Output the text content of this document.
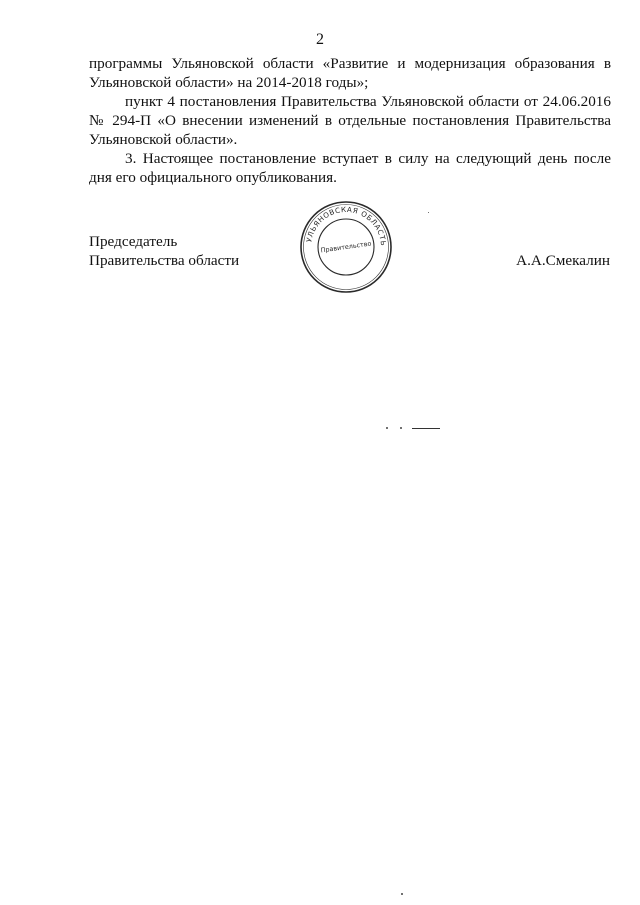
2

программы Ульяновской области «Развитие и модернизация образования в Ульяновской области» на 2014-2018 годы»;

пункт 4 постановления Правительства Ульяновской области от 24.06.2016 № 294-П «О внесении изменений в отдельные постановления Правительства Ульяновской области».

3. Настоящее постановление вступает в силу на следующий день после дня его официального опубликования.

Председатель
Правительства области
УЛЬЯНОВСКАЯ ОБЛАСТЬ
Правительство
А.А.Смекалин
